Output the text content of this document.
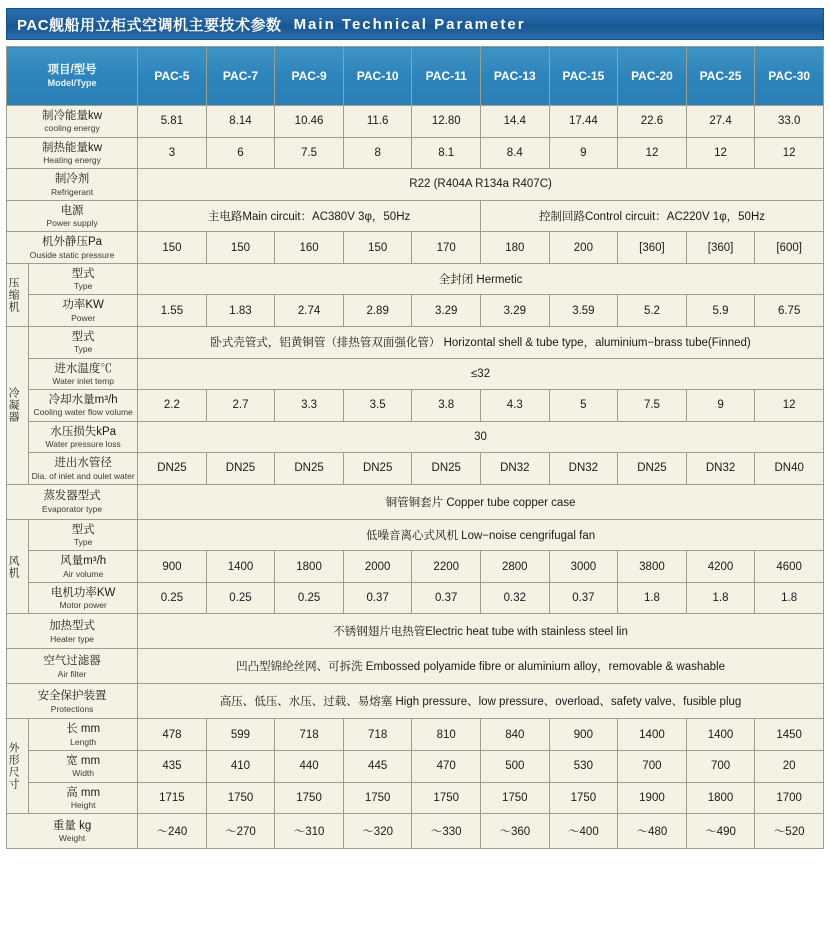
PAC舰船用立柜式空调机主要技术参数 Main Technical Parameter
项目/型号
Model/Type		PAC-5	PAC-7	PAC-9	PAC-10	PAC-11	PAC-13	PAC-15	PAC-20	PAC-25	PAC-30

制冷能量kw
cooling energy		5.81	8.14	10.46	11.6	12.80	14.4	17.44	22.6	27.4	33.0

制热能量kw
Heating energy		3	6	7.5	8	8.1	8.4	9	12	12	12

制冷剂
Refrigerant		R22 (R404A R134a R407C)									

电源
Power supply		主电路Main circuit：AC380V 3φ，50Hz					控制回路Control circuit：AC220V 1φ，50Hz				

机外静压Pa
Ouside static pressure		150	150	160	150	170	180	200	[360]	[360]	[600]

压缩机	型式
Type	全封闭 Hermetic									

	功率KW
Power	1.55	1.83	2.74	2.89	3.29	3.29	3.59	5.2	5.9	6.75

冷凝器	型式
Type	卧式壳管式，铝黄铜管（排热管双面强化管） Horizontal shell & tube type，aluminium−brass tube(Finned)									

	进水温度℃
Water inlet temp	≤32									

	冷却水量m³/h
Cooling water flow volume	2.2	2.7	3.3	3.5	3.8	4.3	5	7.5	9	12

	水压损失kPa
Water pressure loss	30									

	进出水管径
Dia. of inlet and oulet water	DN25	DN25	DN25	DN25	DN25	DN32	DN32	DN25	DN32	DN40

蒸发器型式
Evaporator type		铜管铜套片 Copper tube copper case									

风机	型式
Type	低噪音离心式风机 Low−noise cengrifugal fan									

	风量m³/h
Air volume	900	1400	1800	2000	2200	2800	3000	3800	4200	4600

	电机功率KW
Motor power	0.25	0.25	0.25	0.37	0.37	0.32	0.37	1.8	1.8	1.8

加热型式
Heater type		不锈钢翅片电热管Electric heat tube with stainless steel lin									

空气过滤器
Air filter		凹凸型锦纶丝网、可拆洗 Embossed polyamide fibre or aluminium alloy，removable & washable									

安全保护装置
Protections		高压、低压、水压、过载、易熔塞 High pressure、low pressure、overload、safety valve、fusible plug									

外形尺寸	长 mm
Length	478	599	718	718	810	840	900	1400	1400	1450

	宽 mm
Width	435	410	440	445	470	500	530	700	700	20

	高 mm
Height	1715	1750	1750	1750	1750	1750	1750	1900	1800	1700

重量 kg
Weight		～240	～270	～310	～320	～330	～360	～400	～480	～490	～520
